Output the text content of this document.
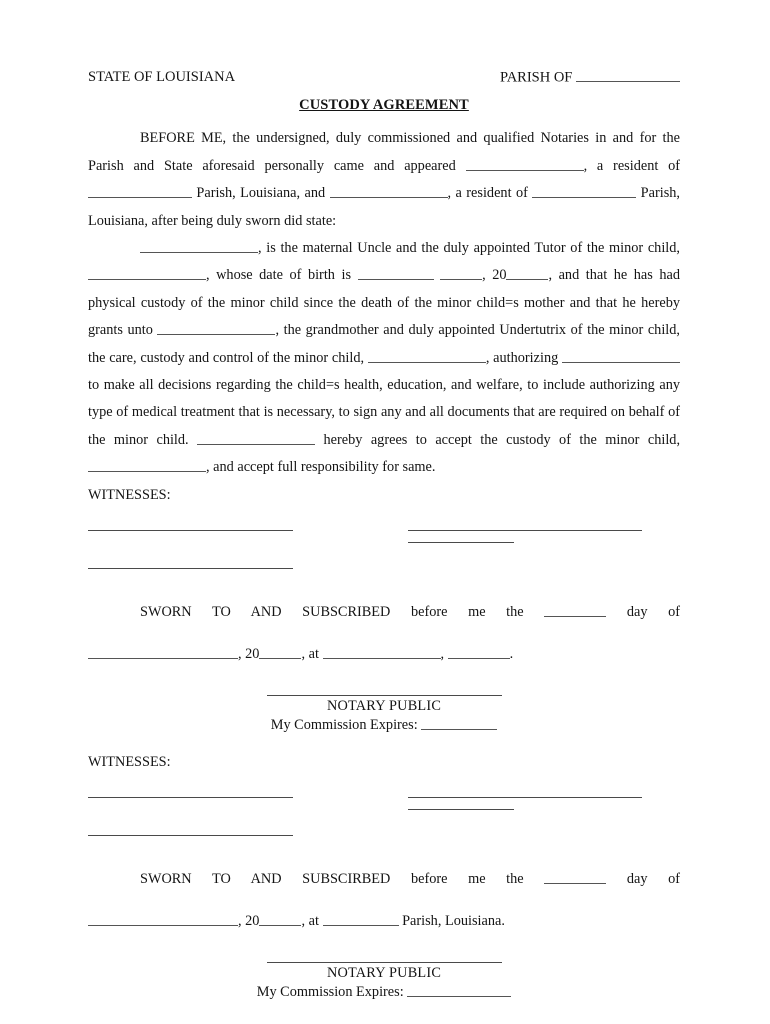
STATE OF LOUISIANA	PARISH OF
CUSTODY AGREEMENT

BEFORE ME, the undersigned, duly commissioned and qualified Notaries in and for the Parish and State aforesaid personally came and appeared	, a resident of  Parish, Louisiana, and	, a resident of	Parish, Louisiana, after being duly sworn did state:

, is the maternal Uncle and the duly appointed Tutor of the minor child, , whose date of birth is	, 20	, and that he has had physical custody of the minor child since the death of the minor child=s mother and that he hereby grants unto	, the grandmother and duly appointed Undertutrix of the minor child, the care, custody and control of the minor child,	, authorizing  to make all decisions regarding the child=s health, education, and welfare, to include authorizing any type of medical treatment that is necessary, to sign any and all documents that are required on behalf of the minor child.	hereby agrees to accept the custody of the minor child, , and accept full responsibility for same.

WITNESSES:

SWORN TO AND SUBSCRIBED before me the	day of

, 20	, at	,	.

NOTARY PUBLIC
My Commission Expires:
WITNESSES:

SWORN TO AND SUBSCIRBED before me the	day of

, 20	, at	Parish, Louisiana.

NOTARY PUBLIC
My Commission Expires:
